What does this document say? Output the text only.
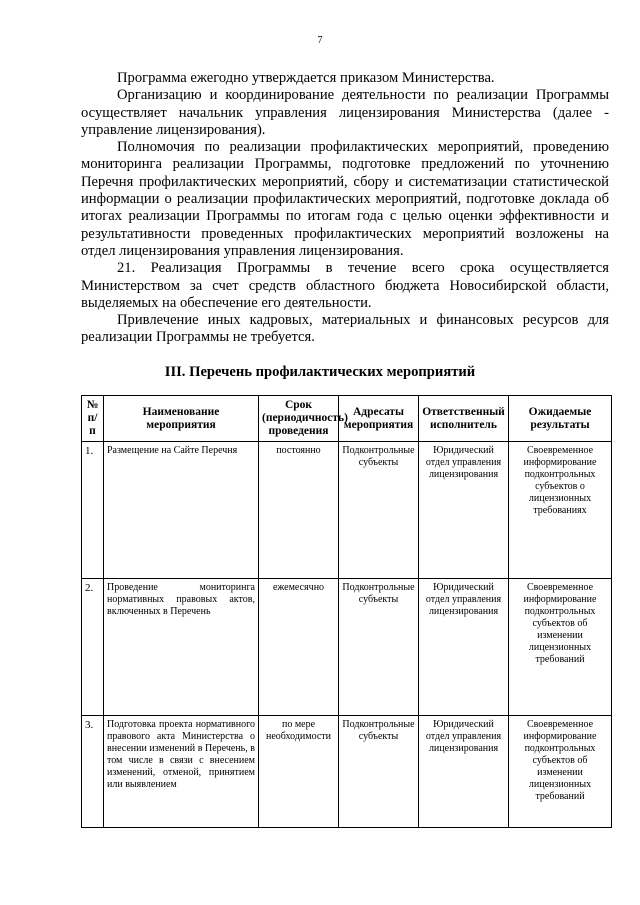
7

Программа ежегодно утверждается приказом Министерства.

Организацию и координирование деятельности по реализации Программы осуществляет начальник управления лицензирования Министерства (далее - управление лицензирования).

Полномочия по реализации профилактических мероприятий, проведению мониторинга реализации Программы, подготовке предложений по уточнению Перечня профилактических мероприятий, сбору и систематизации статистической информации о реализации профилактических мероприятий, подготовке доклада об итогах реализации Программы по итогам года с целью оценки эффективности и результативности проведенных профилактических мероприятий возложены на отдел лицензирования управления лицензирования.

21. Реализация Программы в течение всего срока осуществляется Министерством за счет средств областного бюджета Новосибирской области, выделяемых на обеспечение его деятельности.

Привлечение иных кадровых, материальных и финансовых ресурсов для реализации Программы не требуется.

III. Перечень профилактических мероприятий
№ п/п	Наименование мероприятия	Срок (периодичность) проведения	Адресаты мероприятия	Ответственный исполнитель	Ожидаемые результаты
1.	Размещение на Сайте Перечня	постоянно	Подконтрольные субъекты	Юридический отдел управления лицензирования	Своевременное информирование подконтрольных субъектов о лицензионных требованиях
2.	Проведение мониторинга нормативных правовых актов, включенных в Перечень	ежемесячно	Подконтрольные субъекты	Юридический отдел управления лицензирования	Своевременное информирование подконтрольных субъектов об изменении лицензионных требований
3.	Подготовка проекта нормативного правового акта Министерства о внесении изменений в Перечень, в том числе в связи с внесением изменений, отменой, принятием или выявлением	по мере необходимости	Подконтрольные субъекты	Юридический отдел управления лицензирования	Своевременное информирование подконтрольных субъектов об изменении лицензионных требований
